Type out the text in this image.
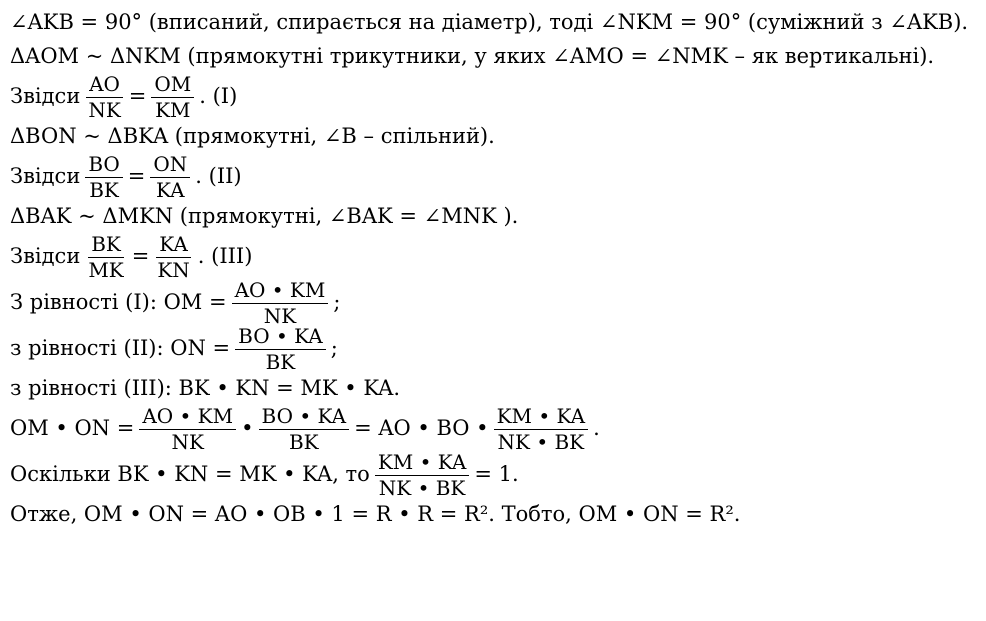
∠AKB = 90° (вписаний, спирається на діаметр), тоді ∠NKM = 90° (суміжний з ∠AKB).
ΔAOM ~ ΔNKM (прямокутні трикутники, у яких ∠AMO = ∠NMK – як вертикальні).
Звідси $\frac{AO}{NK} = \frac{OM}{KM}$ . (I)
ΔBON ~ ΔBKA (прямокутні, ∠B – спільний).
Звідси $\frac{BO}{BK} = \frac{ON}{KA}$ . (II)
ΔBAK ~ ΔMKN (прямокутні, ∠BAK = ∠MNK ).
Звідси $\frac{BK}{MK} = \frac{KA}{KN}$ . (III)
З рівності (I): OM = $\frac{AO • KM}{NK}$ ;
з рівності (II): ON = $\frac{BO • KA}{BK}$ ;
з рівності (III): BK • KN = MK • KA.
OM • ON = $\frac{AO • KM}{NK}$ • $\frac{BO • KA}{BK}$ = AO • BO • $\frac{KM • KA}{NK • BK}$ .
Оскільки BK • KN = MK • KA, то $\frac{KM • KA}{NK • BK} = 1$.
Отже, OM • ON = AO • OB • 1 = R • R = R². Тобто, OM • ON = R².
